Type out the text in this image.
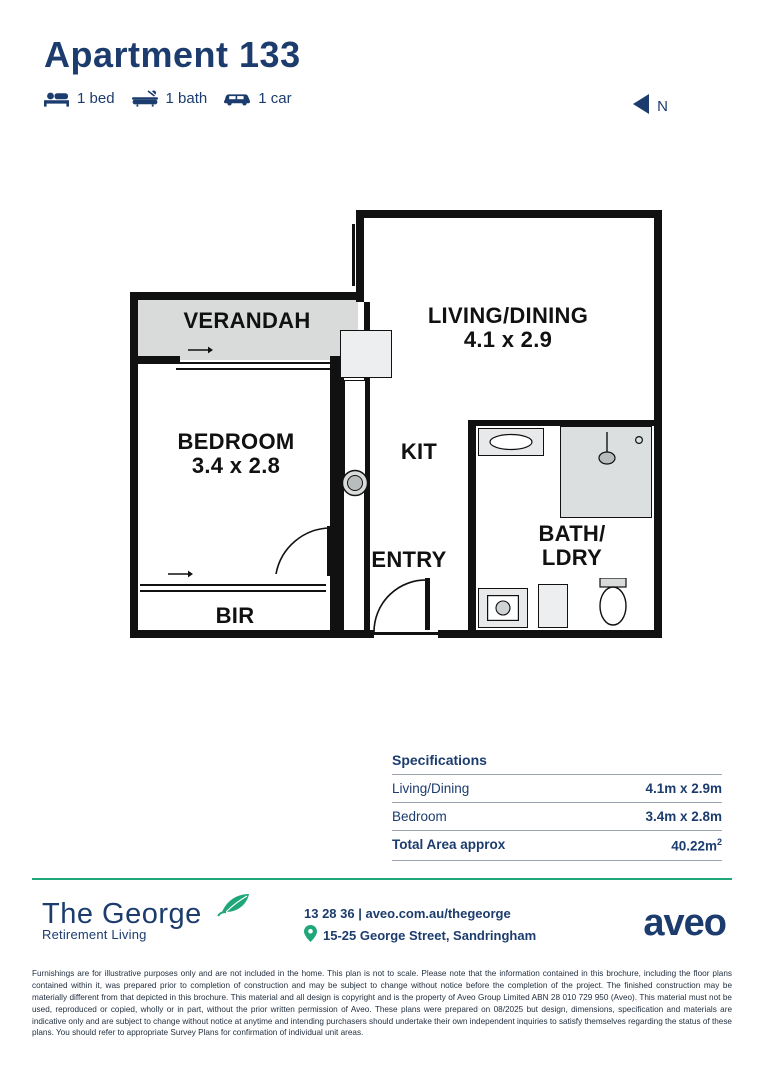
Apartment 133
1 bed	1 bath	1 car	N
VERANDAH	LIVING/DINING
4.1 x 2.9
BEDROOM
3.4 x 2.8
KIT
ENTRY
BATH/
LDRY
BIR
Specifications
Living/Dining	4.1m x 2.9m
Bedroom	3.4m x 2.8m
Total Area approx	$40.22m^2$
The George
Retirement Living
13 28 36 | aveo.com.au/thegeorge
15-25 George Street, Sandringham	aveo
Furnishings are for illustrative purposes only and are not included in the home. This plan is not to scale. Please note that the information contained in this brochure, including the floor plans contained within it, was prepared prior to completion of construction and may be subject to change without notice before the completion of the project. The finished construction may be materially different from that depicted in this brochure. This material and all design is copyright and is the property of Aveo Group Limited ABN 28 010 729 950 (Aveo). This material must not be used, reproduced or copied, wholly or in part, without the prior written permission of Aveo. These plans were prepared on 08/2025 but design, dimensions, specification and materials are indicative only and are subject to change without notice at anytime and intending purchasers should undertake their own independent inquiries to satisfy themselves regarding the status of these plans. You should refer to appropriate Survey Plans for confirmation of individual unit areas.
